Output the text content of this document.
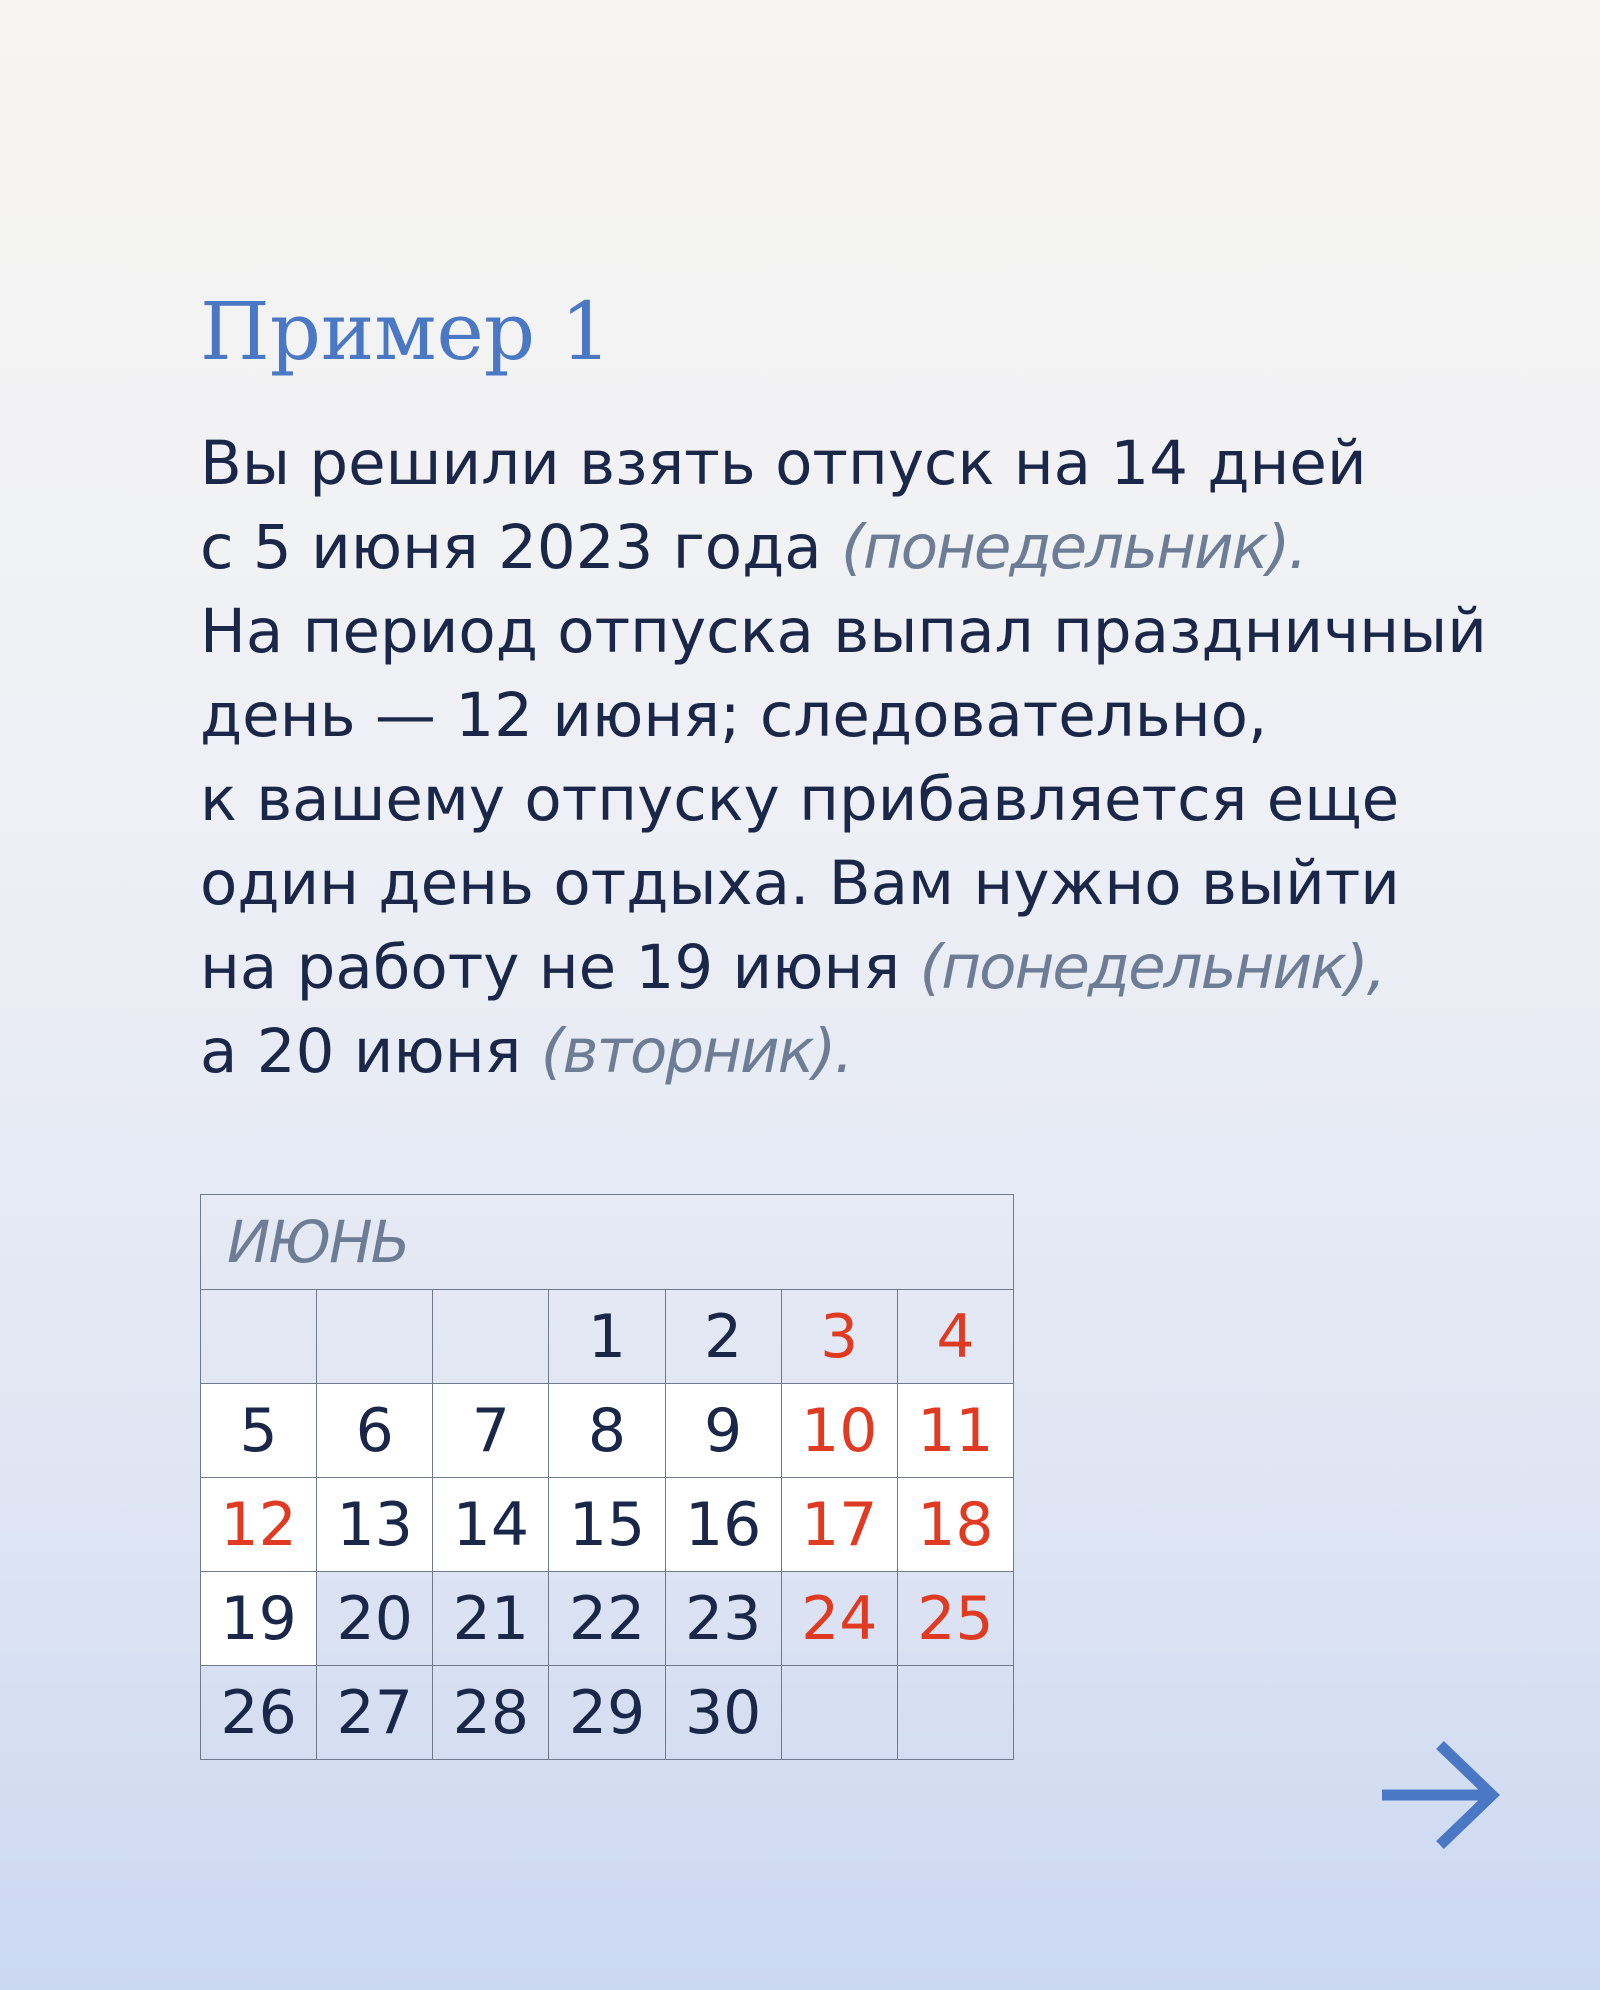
Пример 1

Вы решили взять отпуск на 14 дней
с 5 июня 2023 года (понедельник).
На период отпуска выпал праздничный
день — 12 июня; следовательно,
к вашему отпуску прибавляется еще
один день отдыха. Вам нужно выйти
на работу не 19 июня (понедельник),
а 20 июня (вторник).

ИЮНЬ						
			1	2	3	4
5	6	7	8	9	10	11
12	13	14	15	16	17	18
19	20	21	22	23	24	25
26	27	28	29	30		
